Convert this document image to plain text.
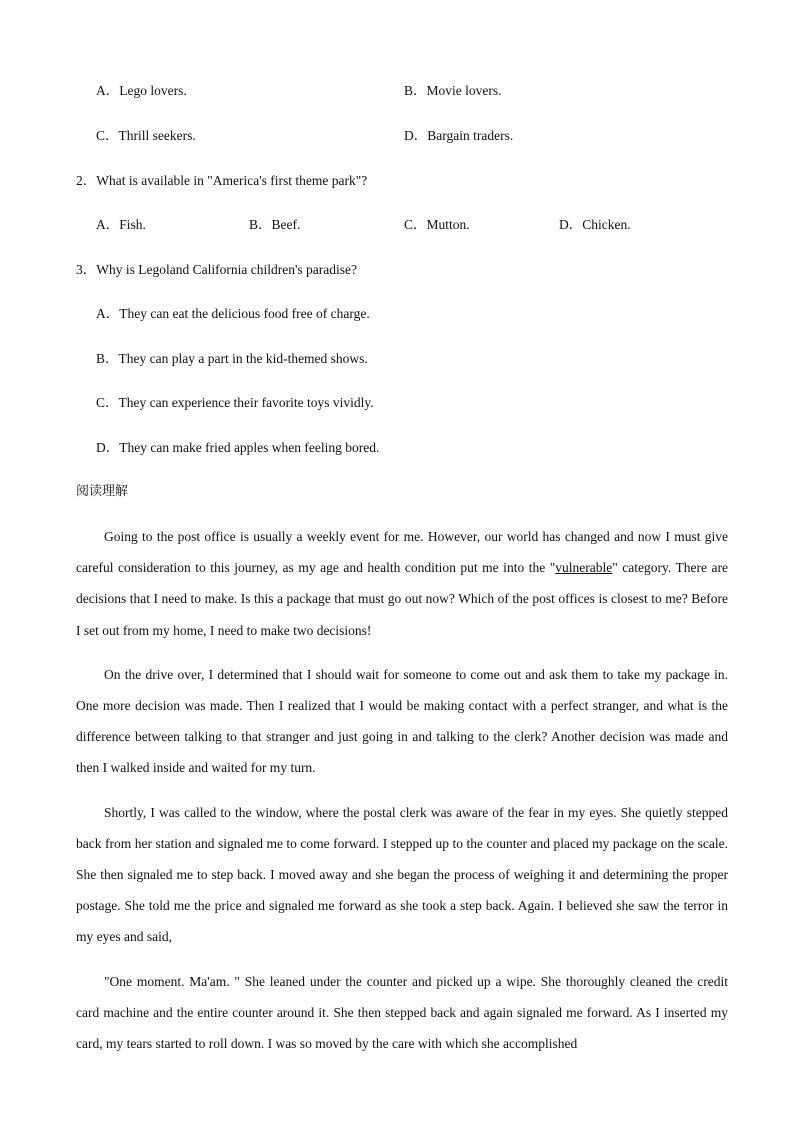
A．Lego lovers.	B．Movie lovers.
C．Thrill seekers.	D．Bargain traders.
2．What is available in "America's first theme park"?
A．Fish.	B．Beef.	C．Mutton.	D．Chicken.
3．Why is Legoland California children's paradise?
A．They can eat the delicious food free of charge.
B．They can play a part in the kid-themed shows.
C．They can experience their favorite toys vividly.
D．They can make fried apples when feeling bored.
阅读理解

Going to the post office is usually a weekly event for me. However, our world has changed and now I must give careful consideration to this journey, as my age and health condition put me into the "vulnerable" category. There are decisions that I need to make. Is this a package that must go out now? Which of the post offices is closest to me? Before I set out from my home, I need to make two decisions!

On the drive over, I determined that I should wait for someone to come out and ask them to take my package in. One more decision was made. Then I realized that I would be making contact with a perfect stranger, and what is the difference between talking to that stranger and just going in and talking to the clerk? Another decision was made and then I walked inside and waited for my turn.

Shortly, I was called to the window, where the postal clerk was aware of the fear in my eyes. She quietly stepped back from her station and signaled me to come forward. I stepped up to the counter and placed my package on the scale. She then signaled me to step back. I moved away and she began the process of weighing it and determining the proper postage. She told me the price and signaled me forward as she took a step back. Again. I believed she saw the terror in my eyes and said,

"One moment. Ma'am. " She leaned under the counter and picked up a wipe. She thoroughly cleaned the credit card machine and the entire counter around it. She then stepped back and again signaled me forward. As I inserted my card, my tears started to roll down. I was so moved by the care with which she accomplished
